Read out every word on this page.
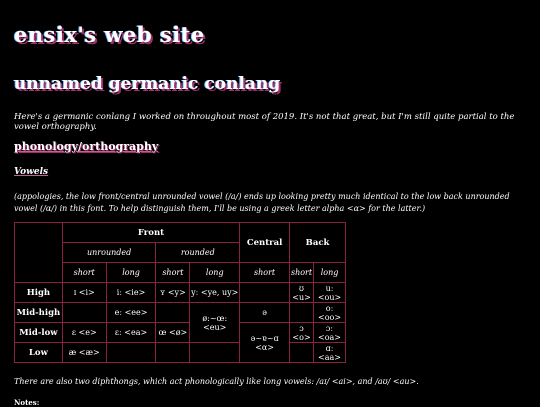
ensix's web site
unnamed germanic conlang

Here's a germanic conlang I worked on throughout most of 2019. It's not that great, but I'm still quite partial to the vowel orthography.

phonology/orthography
Vowels

(appologies, the low front/central unrounded vowel (/a/) ends up looking pretty much identical to the low back unrounded vowel (/ɑ/) in this font. To help distinguish them, I'll be using a greek letter alpha <α> for the latter.)

	Front				Central	Back	
	unrounded		rounded				
	short	long	short	long	short	short	long
High	ɪ <i>	iː <ie>	ʏ <y>	yː <ye, uy>		ʊ <u>	uː <ou>
Mid-high		eː <ee>		ø:~œ: <eu>	ə		oː <oo>
Mid-low	ɛ <e>	ɛː <ea>	œ <ø>		ə~ɐ~ɑ <α>	ɔ <o>	ɔː <oa>
Low	æ <æ>						ɑː <aa>

There are also two diphthongs, which act phonologically like long vowels: /aɪ/ <ai>, and /aʊ/ <au>.

Notes:
